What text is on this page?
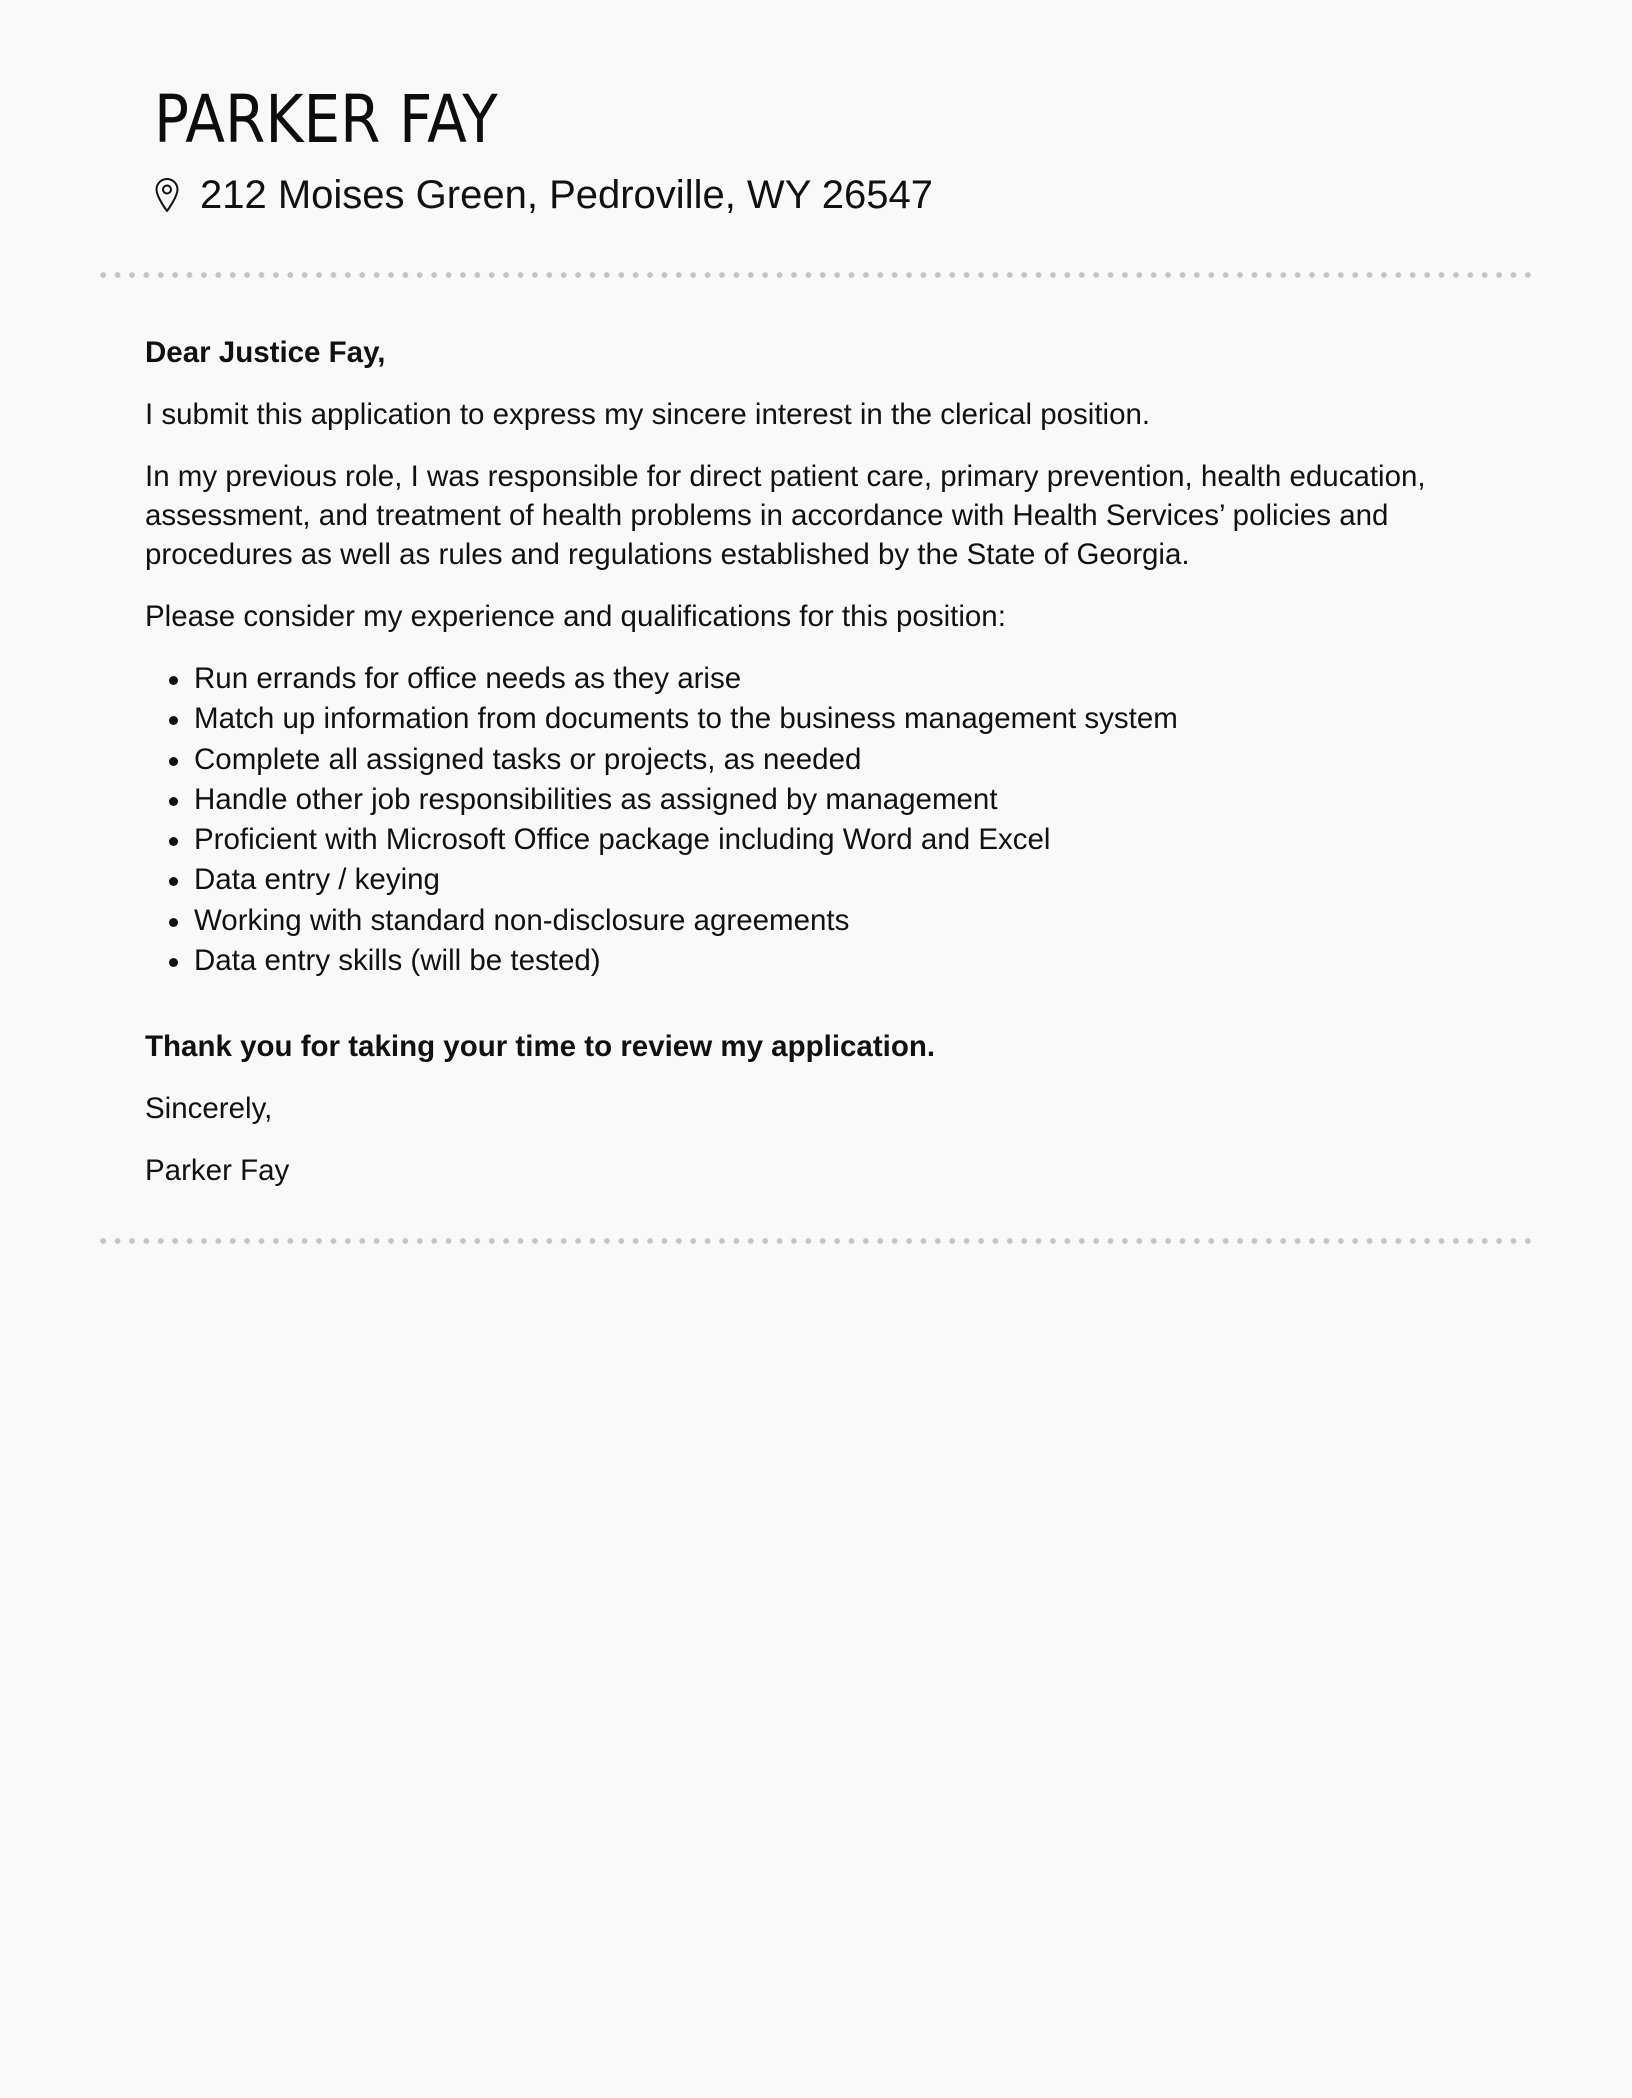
PARKER FAY
212 Moises Green, Pedroville, WY 26547

Dear Justice Fay,

I submit this application to express my sincere interest in the clerical position.

In my previous role, I was responsible for direct patient care, primary prevention, health education, assessment, and treatment of health problems in accordance with Health Services’ policies and procedures as well as rules and regulations established by the State of Georgia.

Please consider my experience and qualifications for this position:

Run errands for office needs as they arise
Match up information from documents to the business management system
Complete all assigned tasks or projects, as needed
Handle other job responsibilities as assigned by management
Proficient with Microsoft Office package including Word and Excel
Data entry / keying
Working with standard non-disclosure agreements
Data entry skills (will be tested)

Thank you for taking your time to review my application.

Sincerely,

Parker Fay
